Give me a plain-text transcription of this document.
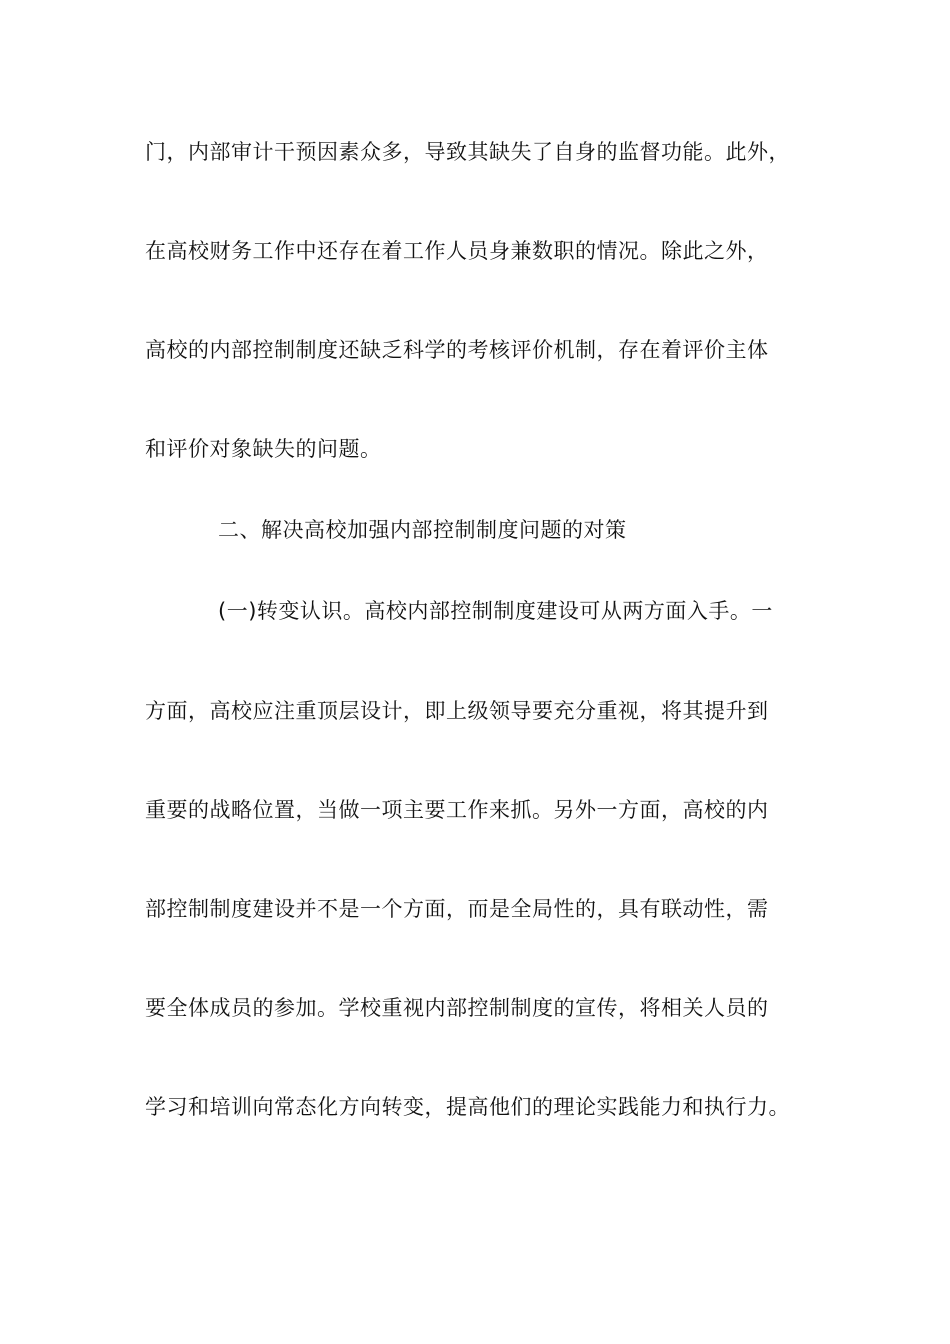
门，内部审计干预因素众多，导致其缺失了自身的监督功能。此外，
在高校财务工作中还存在着工作人员身兼数职的情况。除此之外，
高校的内部控制制度还缺乏科学的考核评价机制，存在着评价主体
和评价对象缺失的问题。
二、解决高校加强内部控制制度问题的对策
(一)转变认识。高校内部控制制度建设可从两方面入手。一
方面，高校应注重顶层设计，即上级领导要充分重视，将其提升到
重要的战略位置，当做一项主要工作来抓。另外一方面，高校的内
部控制制度建设并不是一个方面，而是全局性的，具有联动性，需
要全体成员的参加。学校重视内部控制制度的宣传，将相关人员的
学习和培训向常态化方向转变，提高他们的理论实践能力和执行力。
